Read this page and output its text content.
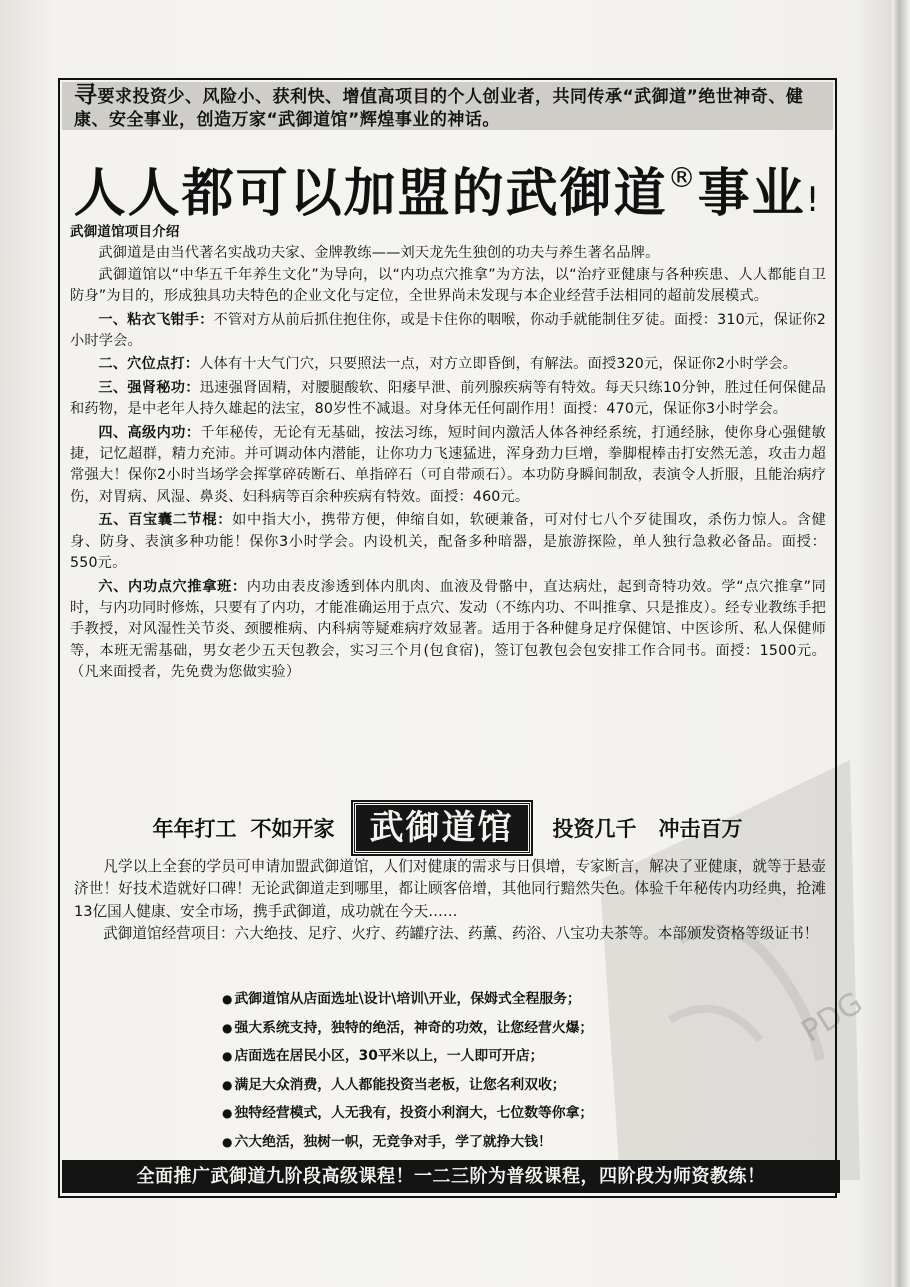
PDG
寻要求投资少、风险小、获利快、增值高项目的个人创业者，共同传承“武御道”绝世神奇、健康、安全事业，创造万家“武御道馆”辉煌事业的神话。
人人都可以加盟的武御道®事业!

武御道馆项目介绍

武御道是由当代著名实战功夫家、金牌教练——刘天龙先生独创的功夫与养生著名品牌。

武御道馆以“中华五千年养生文化”为导向，以“内功点穴推拿”为方法，以“治疗亚健康与各种疾患、人人都能自卫防身”为目的，形成独具功夫特色的企业文化与定位，全世界尚未发现与本企业经营手法相同的超前发展模式。

一、粘衣飞钳手：不管对方从前后抓住抱住你，或是卡住你的咽喉，你动手就能制住歹徒。面授：310元，保证你2小时学会。

二、穴位点打：人体有十大气门穴，只要照法一点，对方立即昏倒，有解法。面授320元，保证你2小时学会。

三、强肾秘功：迅速强肾固精，对腰腿酸软、阳痿早泄、前列腺疾病等有特效。每天只练10分钟，胜过任何保健品和药物，是中老年人持久雄起的法宝，80岁性不减退。对身体无任何副作用！面授：470元，保证你3小时学会。

四、高级内功：千年秘传，无论有无基础，按法习练，短时间内激活人体各神经系统，打通经脉，使你身心强健敏捷，记忆超群，精力充沛。并可调动体内潜能，让你功力飞速猛进，浑身劲力巨增，拳脚棍棒击打安然无恙，攻击力超常强大！保你2小时当场学会挥掌碎砖断石、单指碎石（可自带顽石）。本功防身瞬间制敌，表演令人折服，且能治病疗伤，对胃病、风湿、鼻炎、妇科病等百余种疾病有特效。面授：460元。

五、百宝囊二节棍：如中指大小，携带方便，伸缩自如，软硬兼备，可对付七八个歹徒围攻，杀伤力惊人。含健身、防身、表演多种功能！保你3小时学会。内设机关，配备多种暗器，是旅游探险，单人独行急救必备品。面授：550元。

六、内功点穴推拿班：内功由表皮渗透到体内肌肉、血液及骨骼中，直达病灶，起到奇特功效。学“点穴推拿”同时，与内功同时修炼，只要有了内功，才能准确运用于点穴、发动（不练内功、不叫推拿、只是推皮）。经专业教练手把手教授，对风湿性关节炎、颈腰椎病、内科病等疑难病疗效显著。适用于各种健身足疗保健馆、中医诊所、私人保健师等，本班无需基础，男女老少五天包教会，实习三个月(包食宿)，签订包教包会包安排工作合同书。面授：1500元。（凡来面授者，先免费为您做实验）

年年打工 不如开家	武御道馆	投资几千 冲击百万

凡学以上全套的学员可申请加盟武御道馆，人们对健康的需求与日俱增，专家断言，解决了亚健康，就等于悬壶济世！好技术造就好口碑！无论武御道走到哪里，都让顾客倍增，其他同行黯然失色。体验千年秘传内功经典，抢滩13亿国人健康、安全市场，携手武御道，成功就在今天……

武御道馆经营项目：六大绝技、足疗、火疗、药罐疗法、药薰、药浴、八宝功夫茶等。本部颁发资格等级证书！

● 武御道馆从店面选址\设计\培训\开业，保姆式全程服务；
● 强大系统支持，独特的绝活，神奇的功效，让您经营火爆；
● 店面选在居民小区，30平米以上，一人即可开店；
● 满足大众消费，人人都能投资当老板，让您名利双收；
● 独特经营模式，人无我有，投资小利润大，七位数等你拿；
● 六大绝活，独树一帜，无竞争对手，学了就挣大钱！
全面推广武御道九阶段高级课程！一二三阶为普级课程，四阶段为师资教练！
